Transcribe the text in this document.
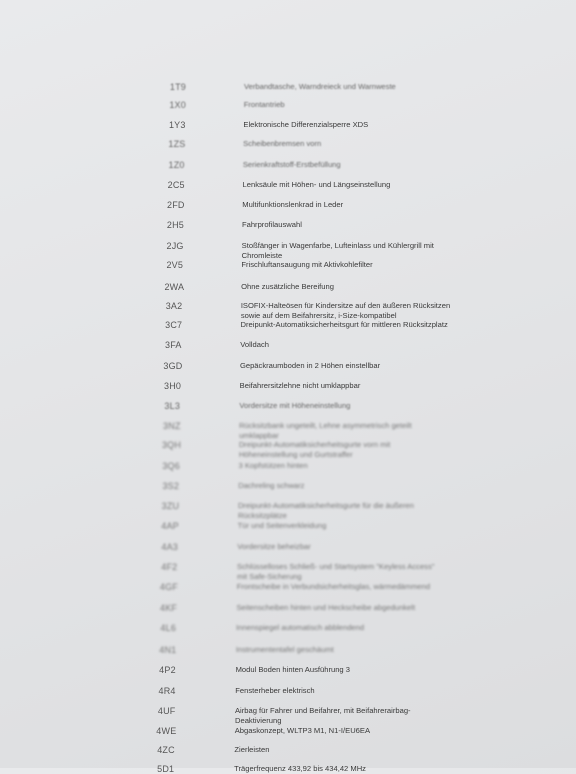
1T9	Verbandtasche, Warndreieck und Warnweste
1X0	Frontantrieb
1Y3	Elektronische Differenzialsperre XDS
1ZS	Scheibenbremsen vorn
1Z0	Serienkraftstoff-Erstbefüllung
2C5	Lenksäule mit Höhen- und Längseinstellung
2FD	Multifunktionslenkrad in Leder
2H5	Fahrprofilauswahl
2JG	Stoßfänger in Wagenfarbe, Lufteinlass und Kühlergrill mit
Chromleiste
2V5	Frischluftansaugung mit Aktivkohlefilter
2WA	Ohne zusätzliche Bereifung
3A2	ISOFIX-Halteösen für Kindersitze auf den äußeren Rücksitzen
sowie auf dem Beifahrersitz, i-Size-kompatibel
3C7	Dreipunkt-Automatiksicherheitsgurt für mittleren Rücksitzplatz
3FA	Volldach
3GD	Gepäckraumboden in 2 Höhen einstellbar
3H0	Beifahrersitzlehne nicht umklappbar
3L3	Vordersitze mit Höheneinstellung
3NZ	Rücksitzbank ungeteilt, Lehne asymmetrisch geteilt
umklappbar
3QH	Dreipunkt-Automatiksicherheitsgurte vorn mit
Höheneinstellung und Gurtstraffer
3Q6	3 Kopfstützen hinten
3S2	Dachreling schwarz
3ZU	Dreipunkt-Automatiksicherheitsgurte für die äußeren
Rücksitzplätze
4AP	Tür und Seitenverkleidung
4A3	Vordersitze beheizbar
4F2	Schlüsselloses Schließ- und Startsystem "Keyless Access"
mit Safe-Sicherung
4GF	Frontscheibe in Verbundsicherheitsglas, wärmedämmend
4KF	Seitenscheiben hinten und Heckscheibe abgedunkelt
4L6	Innenspiegel automatisch abblendend
4N1	Instrumententafel geschäumt
4P2	Modul Boden hinten Ausführung 3
4R4	Fensterheber elektrisch
4UF	Airbag für Fahrer und Beifahrer, mit Beifahrerairbag-
Deaktivierung
4WE	Abgaskonzept, WLTP3 M1, N1-I/EU6EA
4ZC	Zierleisten
5D1	Trägerfrequenz 433,92 bis 434,42 MHz
